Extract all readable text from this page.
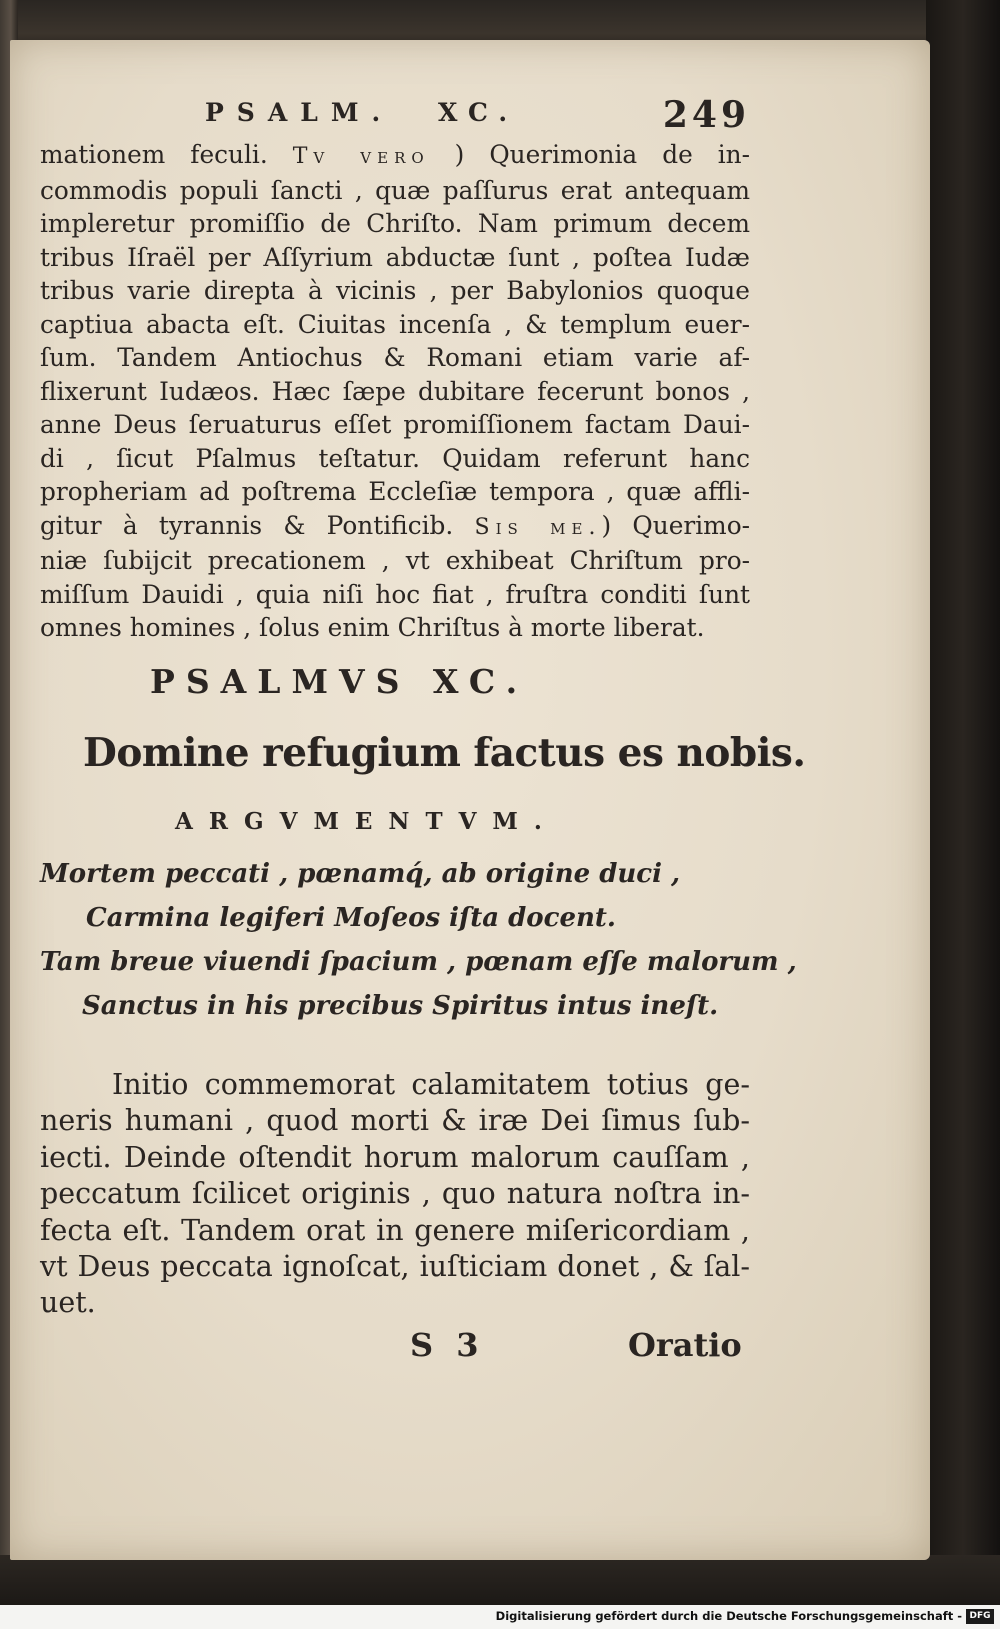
PSALM. XC.	249

mationem feculi. Tv vero ) Querimonia de in-

commodis populi ſancti , quæ paſſurus erat antequam

impleretur promiſſio de Chriſto. Nam primum decem

tribus Iſraël per Aſſyrium abductæ ſunt , poſtea Iudæ

tribus varie direpta à vicinis , per Babylonios quoque

captiua abacta eſt. Ciuitas incenſa , & templum euer-

ſum. Tandem Antiochus & Romani etiam varie af-

flixerunt Iudæos. Hæc ſæpe dubitare fecerunt bonos ,

anne Deus ſeruaturus eſſet promiſſionem factam Daui-

di , ſicut Pſalmus teſtatur. Quidam referunt hanc

propheriam ad poſtrema Eccleſiæ tempora , quæ affli-

gitur à tyrannis & Pontificib. Sis me.) Querimo-

niæ ſubijcit precationem , vt exhibeat Chriſtum pro-

miſſum Dauidi , quia niſi hoc fiat , fruſtra conditi ſunt

omnes homines , ſolus enim Chriſtus à morte liberat.

PSALMVS XC.
Domine refugium factus es nobis.
ARGVMENTVM.
Mortem peccati , pœnamq́, ab origine duci ,
Carmina legiferi Moſeos iſta docent.
Tam breue viuendi ſpacium , pœnam eſſe malorum ,
Sanctus in his precibus Spiritus intus ineſt.

Initio commemorat calamitatem totius ge-

neris humani , quod morti & iræ Dei ſimus ſub-

iecti. Deinde oſtendit horum malorum cauſſam ,

peccatum ſcilicet originis , quo natura noſtra in-

fecta eſt. Tandem orat in genere miſericordiam ,

vt Deus peccata ignoſcat, iuſticiam donet , & ſal-

uet.

S 3	Oratio
Digitalisierung gefördert durch die Deutsche Forschungsgemeinschaft - DFG
